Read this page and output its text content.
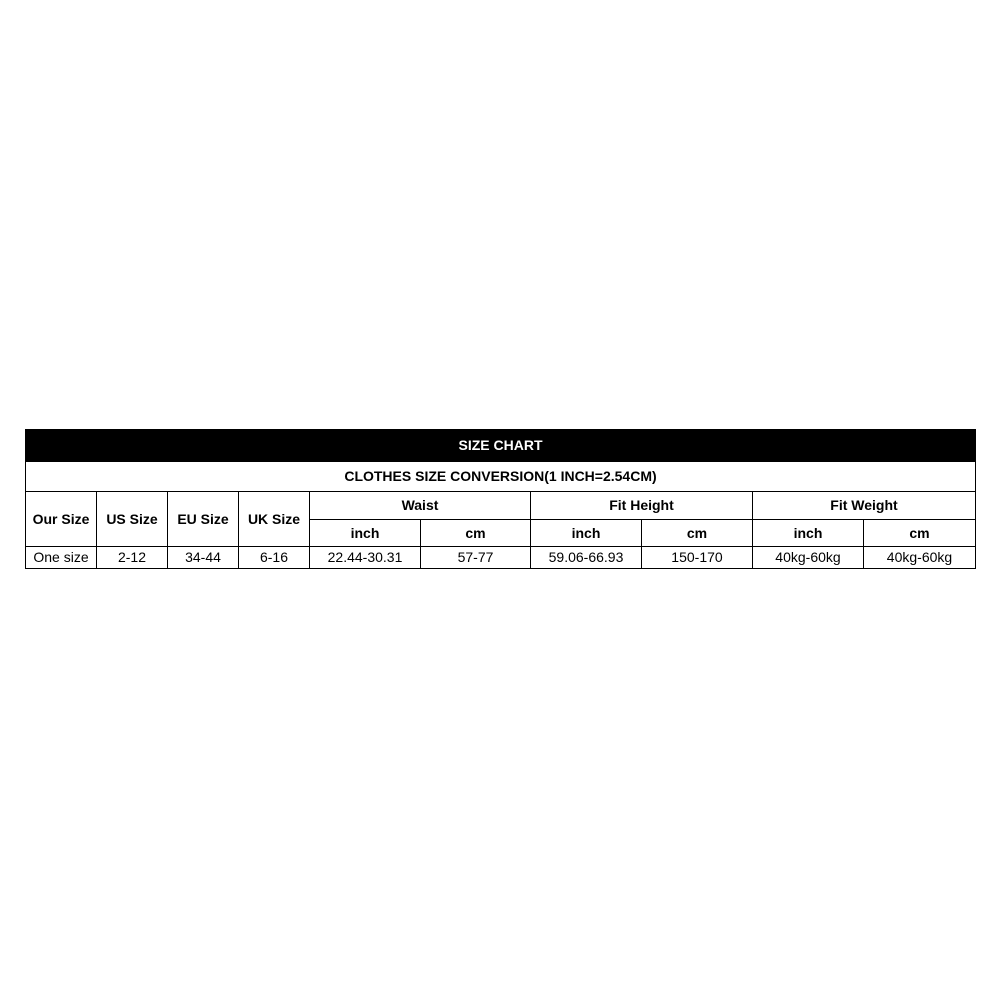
SIZE CHART									
CLOTHES SIZE CONVERSION(1 INCH=2.54CM)									
Our Size	US Size	EU Size	UK Size	Waist		Fit Height		Fit Weight	
				inch	cm	inch	cm	inch	cm
One size	2-12	34-44	6-16	22.44-30.31	57-77	59.06-66.93	150-170	40kg-60kg	40kg-60kg
